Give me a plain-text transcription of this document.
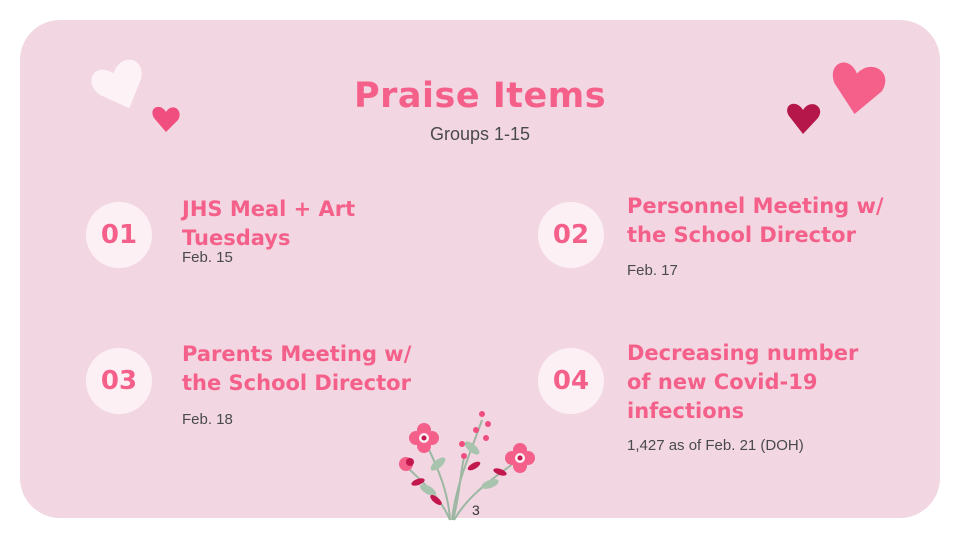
Praise Items
Groups 1-15
01
JHS Meal + Art
Tuesdays
Feb. 15
02
Personnel Meeting w/
the School Director
Feb. 17
03
Parents Meeting w/
the School Director
Feb. 18
04
Decreasing number
of new Covid-19
infections
1,427 as of Feb. 21 (DOH)
3
